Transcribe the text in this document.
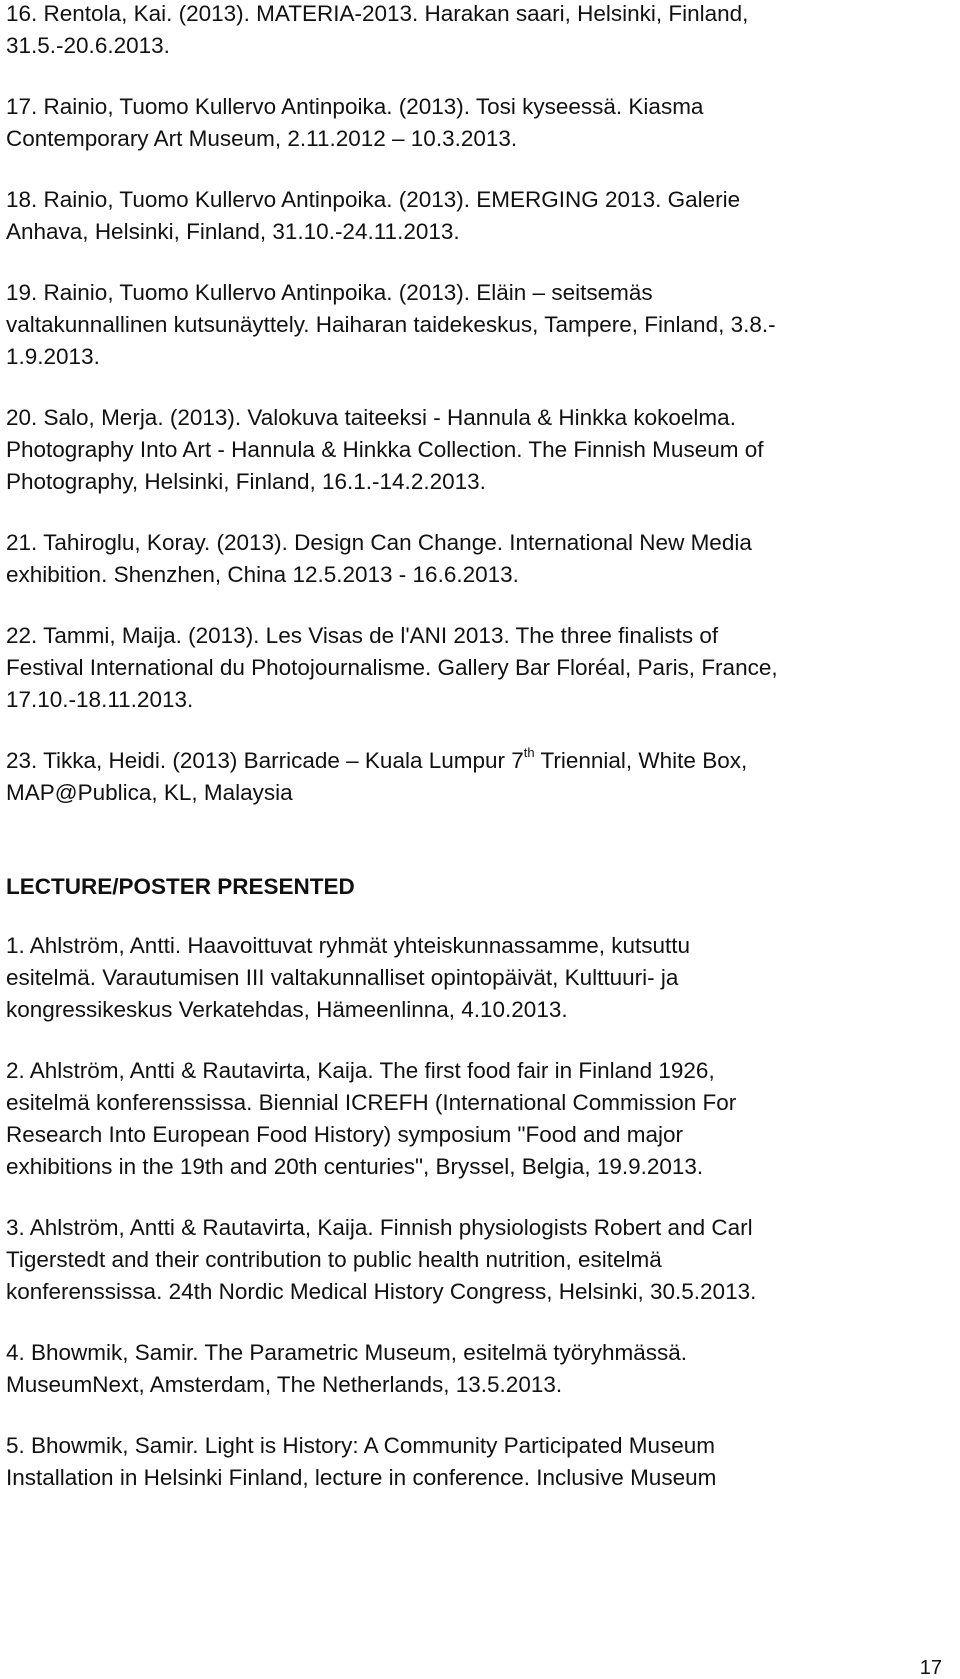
16. Rentola, Kai. (2013). MATERIA-2013. Harakan saari, Helsinki, Finland,
31.5.-20.6.2013.
17. Rainio, Tuomo Kullervo Antinpoika. (2013). Tosi kyseessä. Kiasma
Contemporary Art Museum, 2.11.2012 – 10.3.2013.
18. Rainio, Tuomo Kullervo Antinpoika. (2013). EMERGING 2013. Galerie
Anhava, Helsinki, Finland, 31.10.-24.11.2013.
19. Rainio, Tuomo Kullervo Antinpoika. (2013). Eläin – seitsemäs
valtakunnallinen kutsunäyttely. Haiharan taidekeskus, Tampere, Finland, 3.8.-
1.9.2013.
20. Salo, Merja. (2013). Valokuva taiteeksi - Hannula & Hinkka kokoelma.
Photography Into Art - Hannula & Hinkka Collection. The Finnish Museum of
Photography, Helsinki, Finland, 16.1.-14.2.2013.
21. Tahiroglu, Koray. (2013). Design Can Change. International New Media
exhibition. Shenzhen, China 12.5.2013 - 16.6.2013.
22. Tammi, Maija. (2013). Les Visas de l'ANI 2013. The three finalists of
Festival International du Photojournalisme. Gallery Bar Floréal, Paris, France,
17.10.-18.11.2013.
23. Tikka, Heidi. (2013) Barricade – Kuala Lumpur 7th Triennial, White Box,
MAP@Publica, KL, Malaysia
LECTURE/POSTER PRESENTED
1. Ahlström, Antti. Haavoittuvat ryhmät yhteiskunnassamme, kutsuttu
esitelmä. Varautumisen III valtakunnalliset opintopäivät, Kulttuuri- ja
kongressikeskus Verkatehdas, Hämeenlinna, 4.10.2013.
2. Ahlström, Antti & Rautavirta, Kaija. The first food fair in Finland 1926,
esitelmä konferenssissa. Biennial ICREFH (International Commission For
Research Into European Food History) symposium "Food and major
exhibitions in the 19th and 20th centuries", Bryssel, Belgia, 19.9.2013.
3. Ahlström, Antti & Rautavirta, Kaija. Finnish physiologists Robert and Carl
Tigerstedt and their contribution to public health nutrition, esitelmä
konferenssissa. 24th Nordic Medical History Congress, Helsinki, 30.5.2013.
4. Bhowmik, Samir. The Parametric Museum, esitelmä työryhmässä.
MuseumNext, Amsterdam, The Netherlands, 13.5.2013.
5. Bhowmik, Samir. Light is History: A Community Participated Museum
Installation in Helsinki Finland, lecture in conference. Inclusive Museum
17
